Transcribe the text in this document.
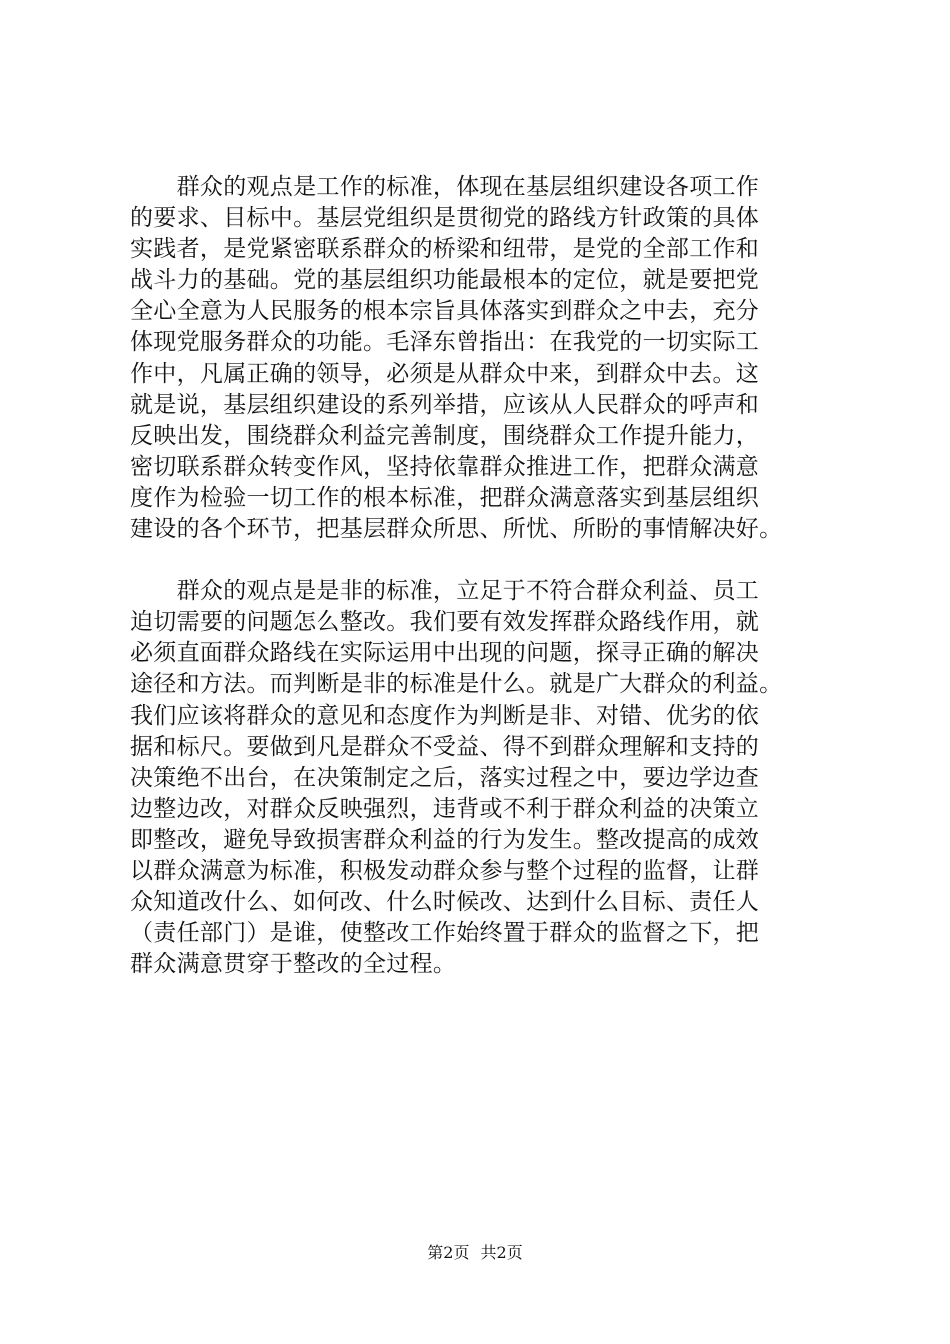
　　群众的观点是工作的标准，体现在基层组织建设各项工作
的要求、目标中。基层党组织是贯彻党的路线方针政策的具体
实践者，是党紧密联系群众的桥梁和纽带，是党的全部工作和
战斗力的基础。党的基层组织功能最根本的定位，就是要把党
全心全意为人民服务的根本宗旨具体落实到群众之中去，充分
体现党服务群众的功能。毛泽东曾指出：在我党的一切实际工
作中，凡属正确的领导，必须是从群众中来，到群众中去。这
就是说，基层组织建设的系列举措，应该从人民群众的呼声和
反映出发，围绕群众利益完善制度，围绕群众工作提升能力，
密切联系群众转变作风，坚持依靠群众推进工作，把群众满意
度作为检验一切工作的根本标准，把群众满意落实到基层组织
建设的各个环节，把基层群众所思、所忧、所盼的事情解决好。

　　群众的观点是是非的标准，立足于不符合群众利益、员工
迫切需要的问题怎么整改。我们要有效发挥群众路线作用，就
必须直面群众路线在实际运用中出现的问题，探寻正确的解决
途径和方法。而判断是非的标准是什么。就是广大群众的利益。
我们应该将群众的意见和态度作为判断是非、对错、优劣的依
据和标尺。要做到凡是群众不受益、得不到群众理解和支持的
决策绝不出台，在决策制定之后，落实过程之中，要边学边查
边整边改，对群众反映强烈，违背或不利于群众利益的决策立
即整改，避免导致损害群众利益的行为发生。整改提高的成效
以群众满意为标准，积极发动群众参与整个过程的监督，让群
众知道改什么、如何改、什么时候改、达到什么目标、责任人
（责任部门）是谁，使整改工作始终置于群众的监督之下，把
群众满意贯穿于整改的全过程。

第2页 共2页
